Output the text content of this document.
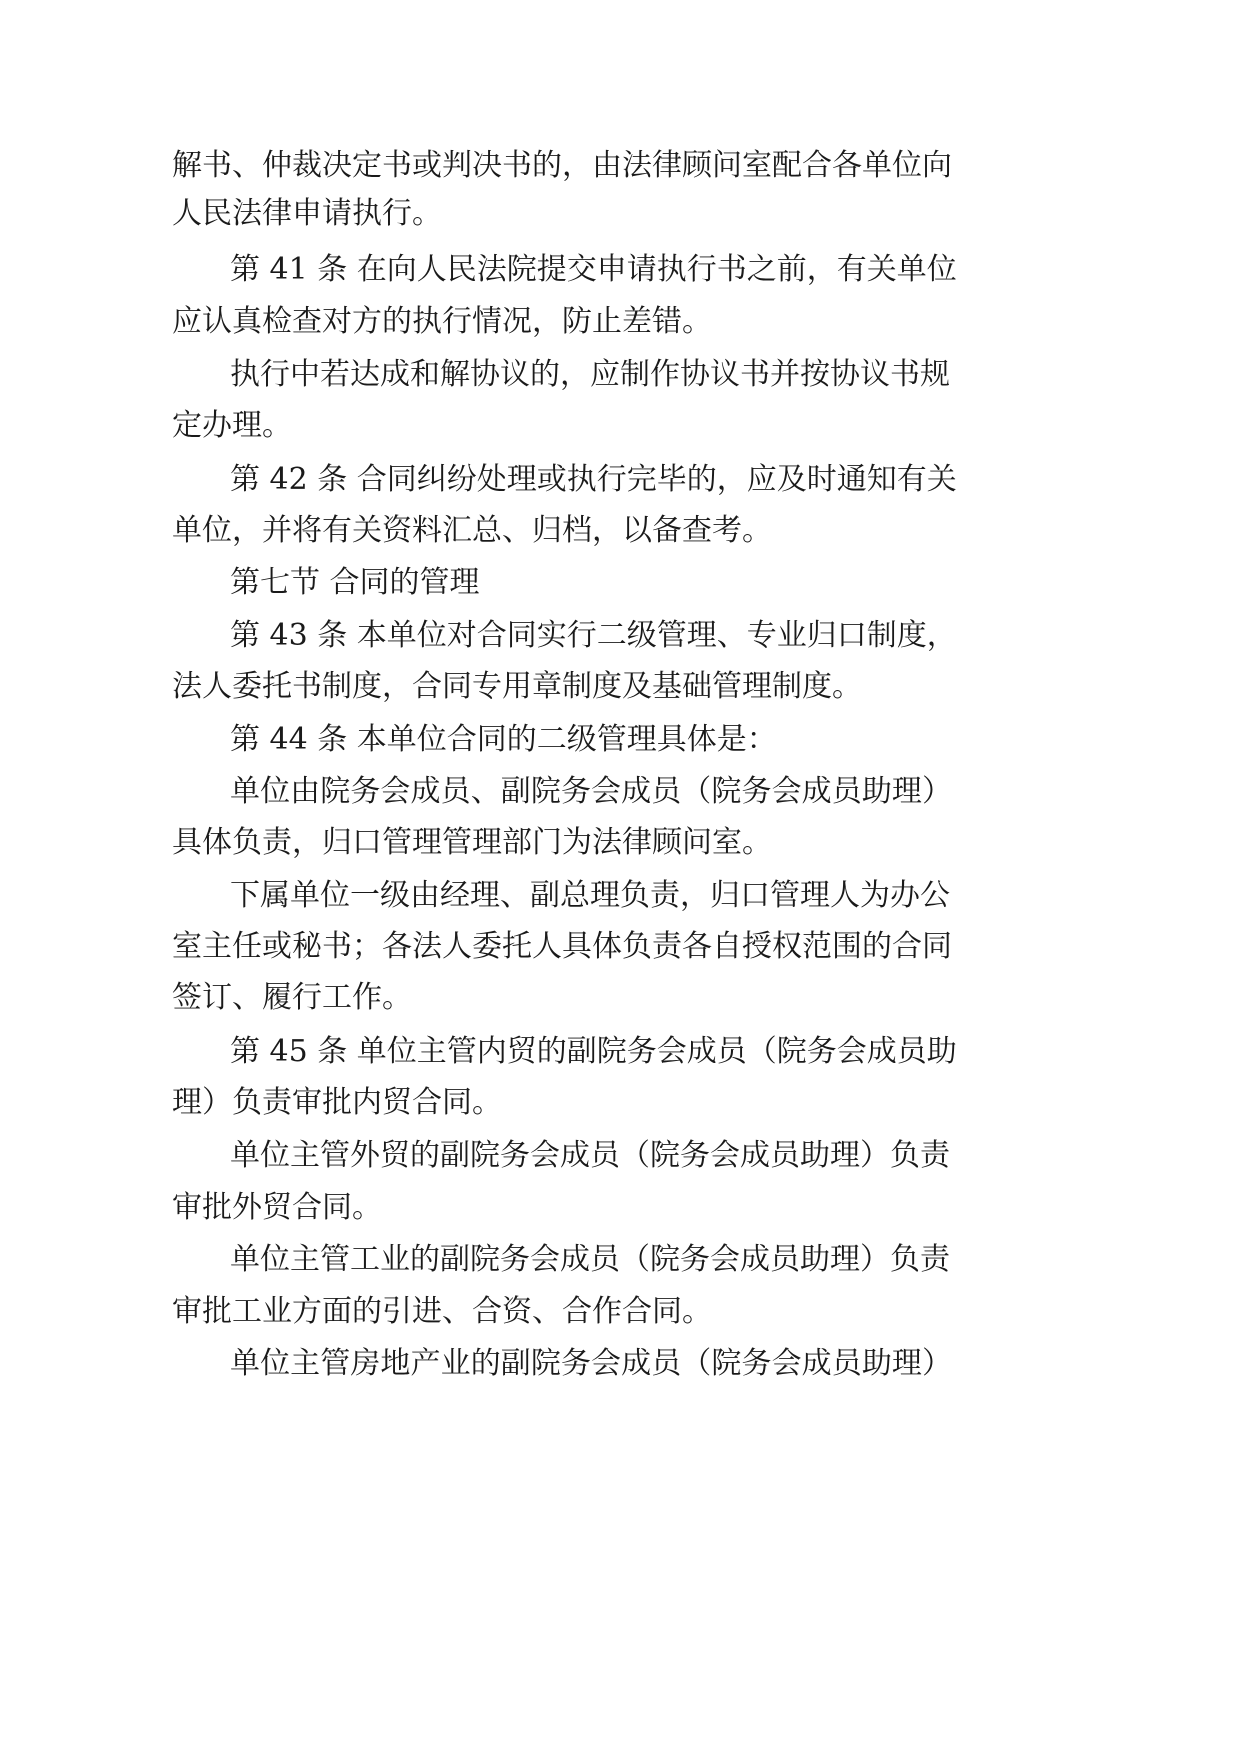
解书、仲裁决定书或判决书的，由法律顾问室配合各单位向

人民法律申请执行。

第 41 条 在向人民法院提交申请执行书之前，有关单位

应认真检查对方的执行情况，防止差错。

执行中若达成和解协议的，应制作协议书并按协议书规

定办理。

第 42 条 合同纠纷处理或执行完毕的，应及时通知有关

单位，并将有关资料汇总、归档，以备查考。

第七节 合同的管理

第 43 条 本单位对合同实行二级管理、专业归口制度，

法人委托书制度，合同专用章制度及基础管理制度。

第 44 条 本单位合同的二级管理具体是：

单位由院务会成员、副院务会成员（院务会成员助理）

具体负责，归口管理管理部门为法律顾问室。

下属单位一级由经理、副总理负责，归口管理人为办公

室主任或秘书；各法人委托人具体负责各自授权范围的合同

签订、履行工作。

第 45 条 单位主管内贸的副院务会成员（院务会成员助

理）负责审批内贸合同。

单位主管外贸的副院务会成员（院务会成员助理）负责

审批外贸合同。

单位主管工业的副院务会成员（院务会成员助理）负责

审批工业方面的引进、合资、合作合同。

单位主管房地产业的副院务会成员（院务会成员助理）
